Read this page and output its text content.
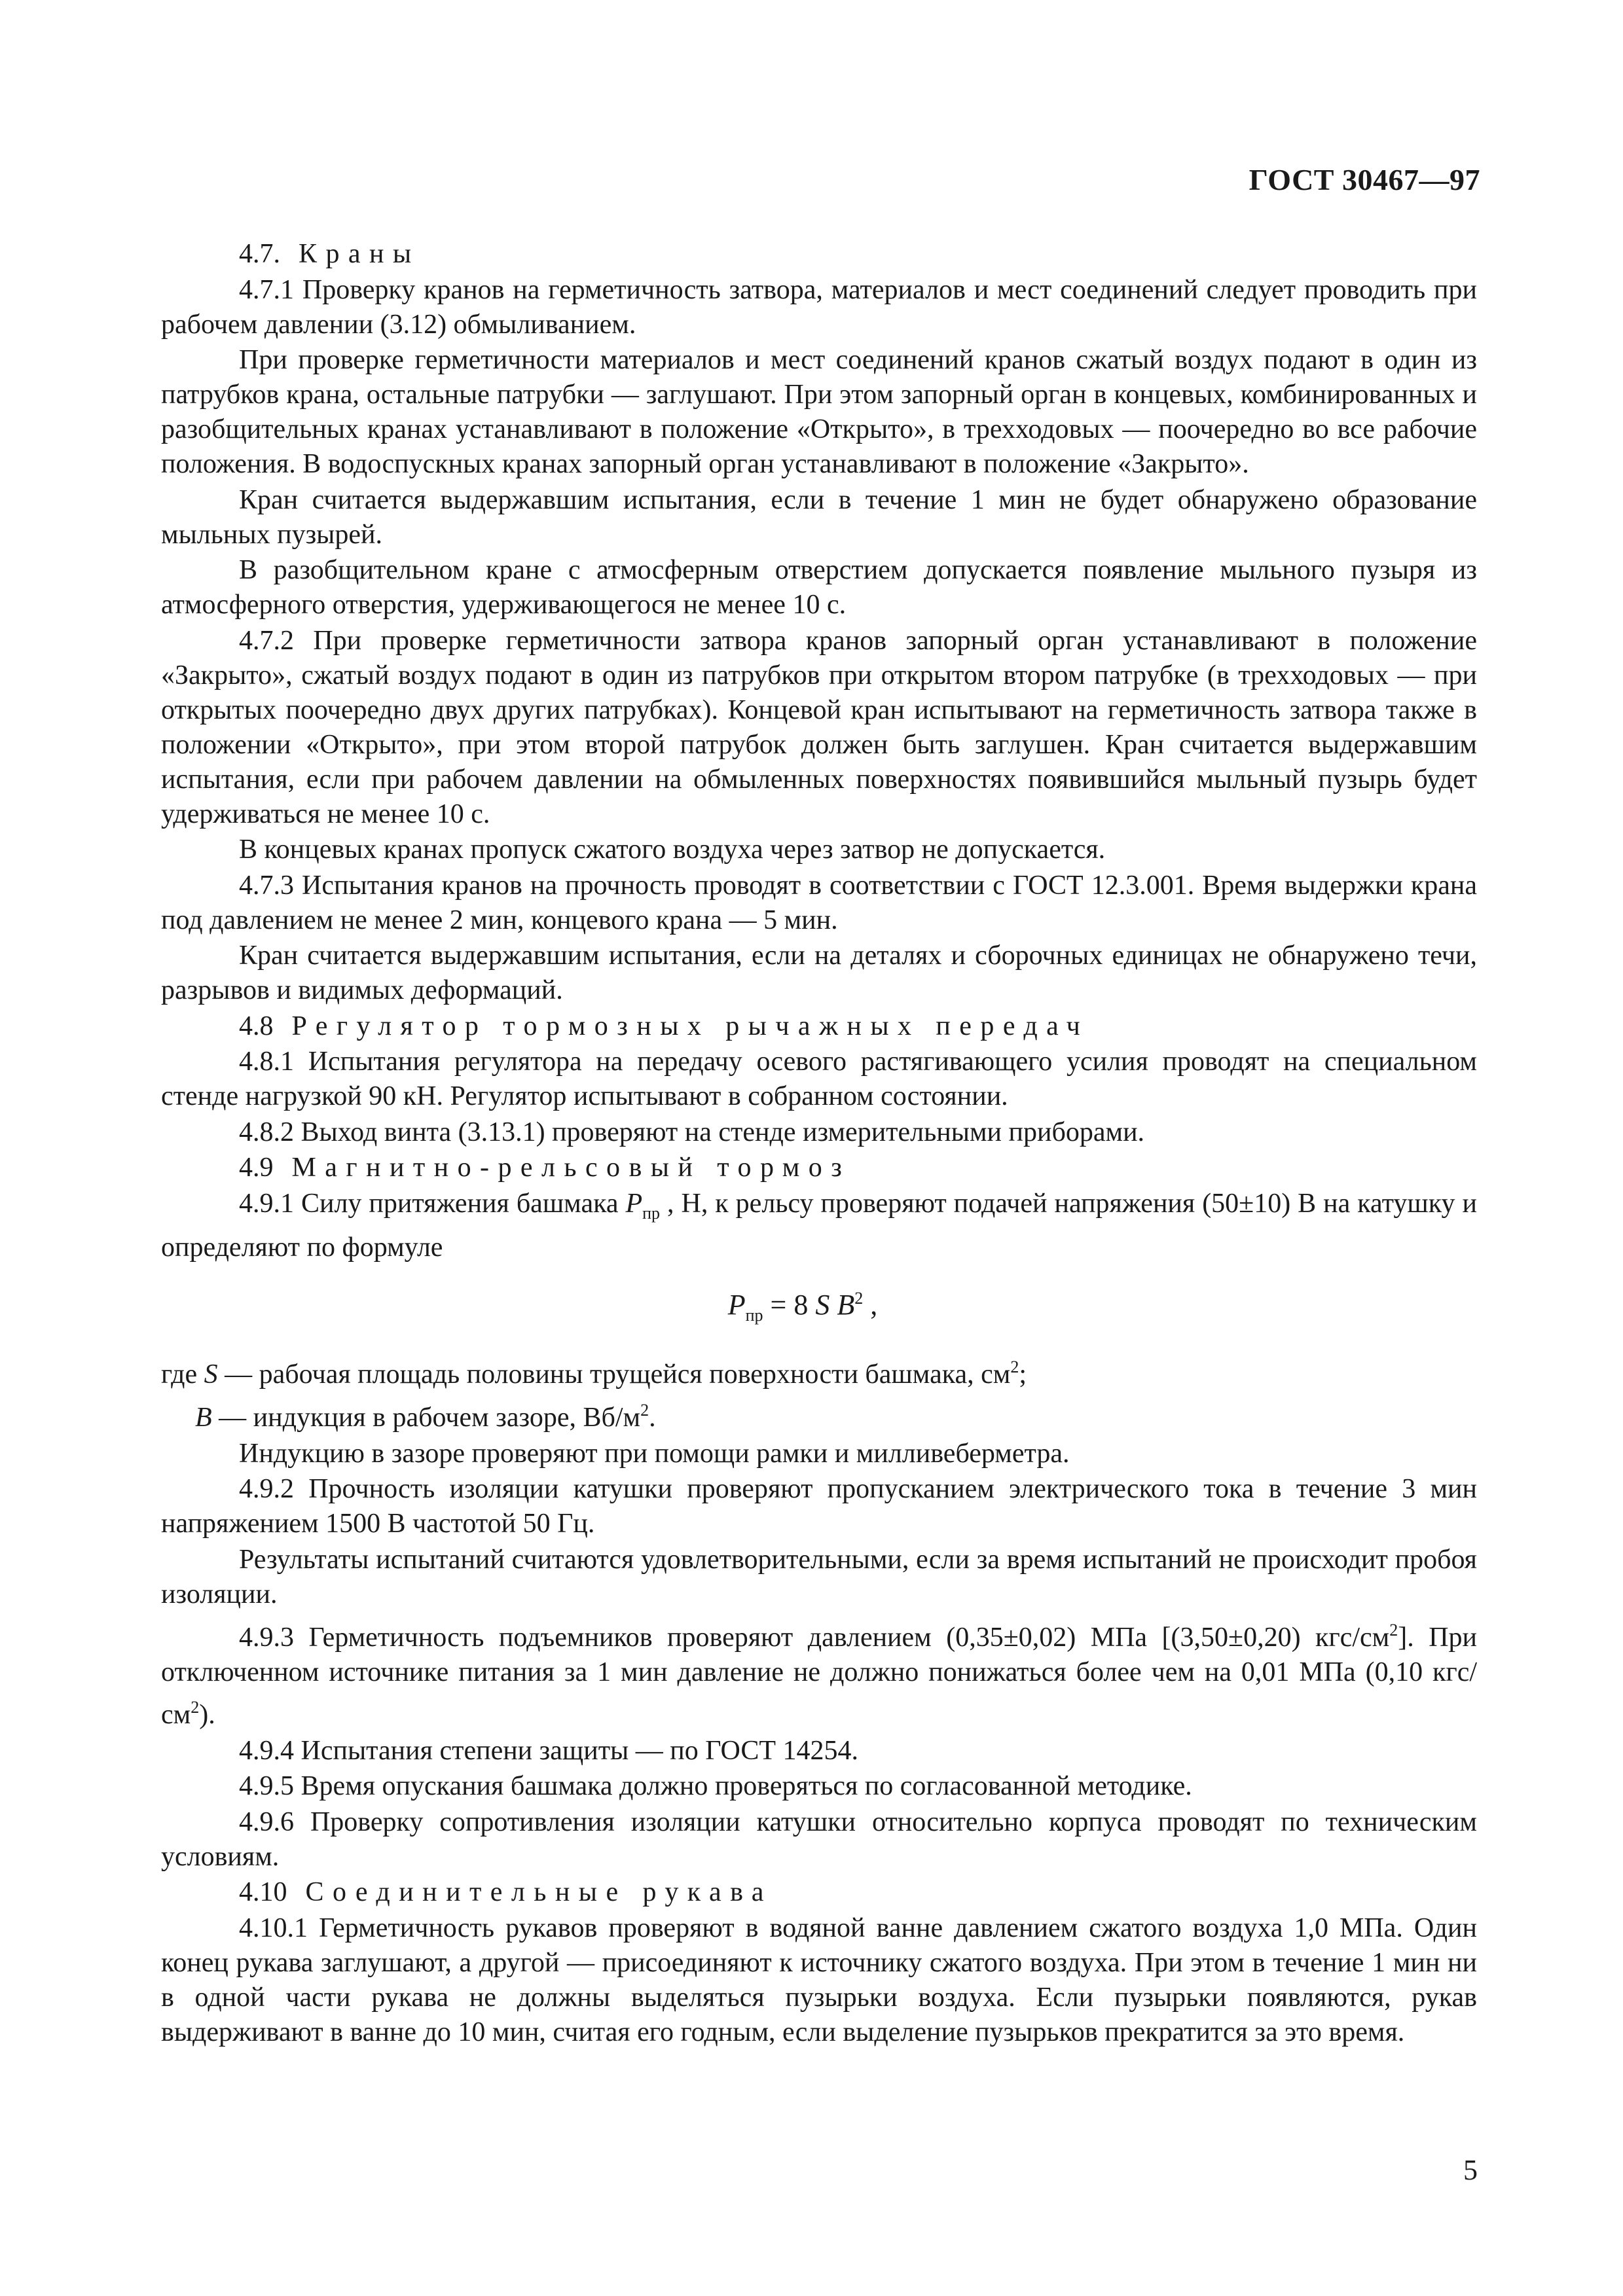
ГОСТ 30467—97
4.7. Краны

4.7.1 Проверку кранов на герметичность затвора, материалов и мест соединений следует проводить при рабочем давлении (3.12) обмыливанием.

При проверке герметичности материалов и мест соединений кранов сжатый воздух подают в один из патрубков крана, остальные патрубки — заглушают. При этом запорный орган в концевых, комбинированных и разобщительных кранах устанавливают в положение «Открыто», в трехходовых — поочередно во все рабочие положения. В водоспускных кранах запорный орган устанавливают в положение «Закрыто».

Кран считается выдержавшим испытания, если в течение 1 мин не будет обнаружено образование мыльных пузырей.

В разобщительном кране с атмосферным отверстием допускается появление мыльного пузыря из атмосферного отверстия, удерживающегося не менее 10 с.

4.7.2 При проверке герметичности затвора кранов запорный орган устанавливают в положение «Закрыто», сжатый воздух подают в один из патрубков при открытом втором патрубке (в трехходовых — при открытых поочередно двух других патрубках). Концевой кран испытывают на герметичность затвора также в положении «Открыто», при этом второй патрубок должен быть заглушен. Кран считается выдержавшим испытания, если при рабочем давлении на обмыленных поверхностях появившийся мыльный пузырь будет удерживаться не менее 10 с.

В концевых кранах пропуск сжатого воздуха через затвор не допускается.

4.7.3 Испытания кранов на прочность проводят в соответствии с ГОСТ 12.3.001. Время выдержки крана под давлением не менее 2 мин, концевого крана — 5 мин.

Кран считается выдержавшим испытания, если на деталях и сборочных единицах не обнаружено течи, разрывов и видимых деформаций.

4.8 Регулятор тормозных рычажных передач

4.8.1 Испытания регулятора на передачу осевого растягивающего усилия проводят на специальном стенде нагрузкой 90 кН. Регулятор испытывают в собранном состоянии.

4.8.2 Выход винта (3.13.1) проверяют на стенде измерительными приборами.

4.9 Магнитно-рельсовый тормоз

4.9.1 Силу притяжения башмака $P_{пр}$ , Н, к рельсу проверяют подачей напряжения (50±10) В на катушку и определяют по формуле

$P_{пр} = 8$ S $B^2$ ,
где S — рабочая площадь половины трущейся поверхности башмака, $см^2$;
B — индукция в рабочем зазоре, $Вб/м^2$.

Индукцию в зазоре проверяют при помощи рамки и милливеберметра.

4.9.2 Прочность изоляции катушки проверяют пропусканием электрического тока в течение 3 мин напряжением 1500 В частотой 50 Гц.

Результаты испытаний считаются удовлетворительными, если за время испытаний не происходит пробоя изоляции.

4.9.3 Герметичность подъемников проверяют давлением (0,35±0,02) МПа [(3,50±0,20) кгс/$см^2$]. При отключенном источнике питания за 1 мин давление не должно понижаться более чем на 0,01 МПа (0,10 кгс/$см^2$).

4.9.4 Испытания степени защиты — по ГОСТ 14254.

4.9.5 Время опускания башмака должно проверяться по согласованной методике.

4.9.6 Проверку сопротивления изоляции катушки относительно корпуса проводят по техническим условиям.

4.10 Соединительные рукава

4.10.1 Герметичность рукавов проверяют в водяной ванне давлением сжатого воздуха 1,0 МПа. Один конец рукава заглушают, а другой — присоединяют к источнику сжатого воздуха. При этом в течение 1 мин ни в одной части рукава не должны выделяться пузырьки воздуха. Если пузырьки появляются, рукав выдерживают в ванне до 10 мин, считая его годным, если выделение пузырьков прекратится за это время.

5
